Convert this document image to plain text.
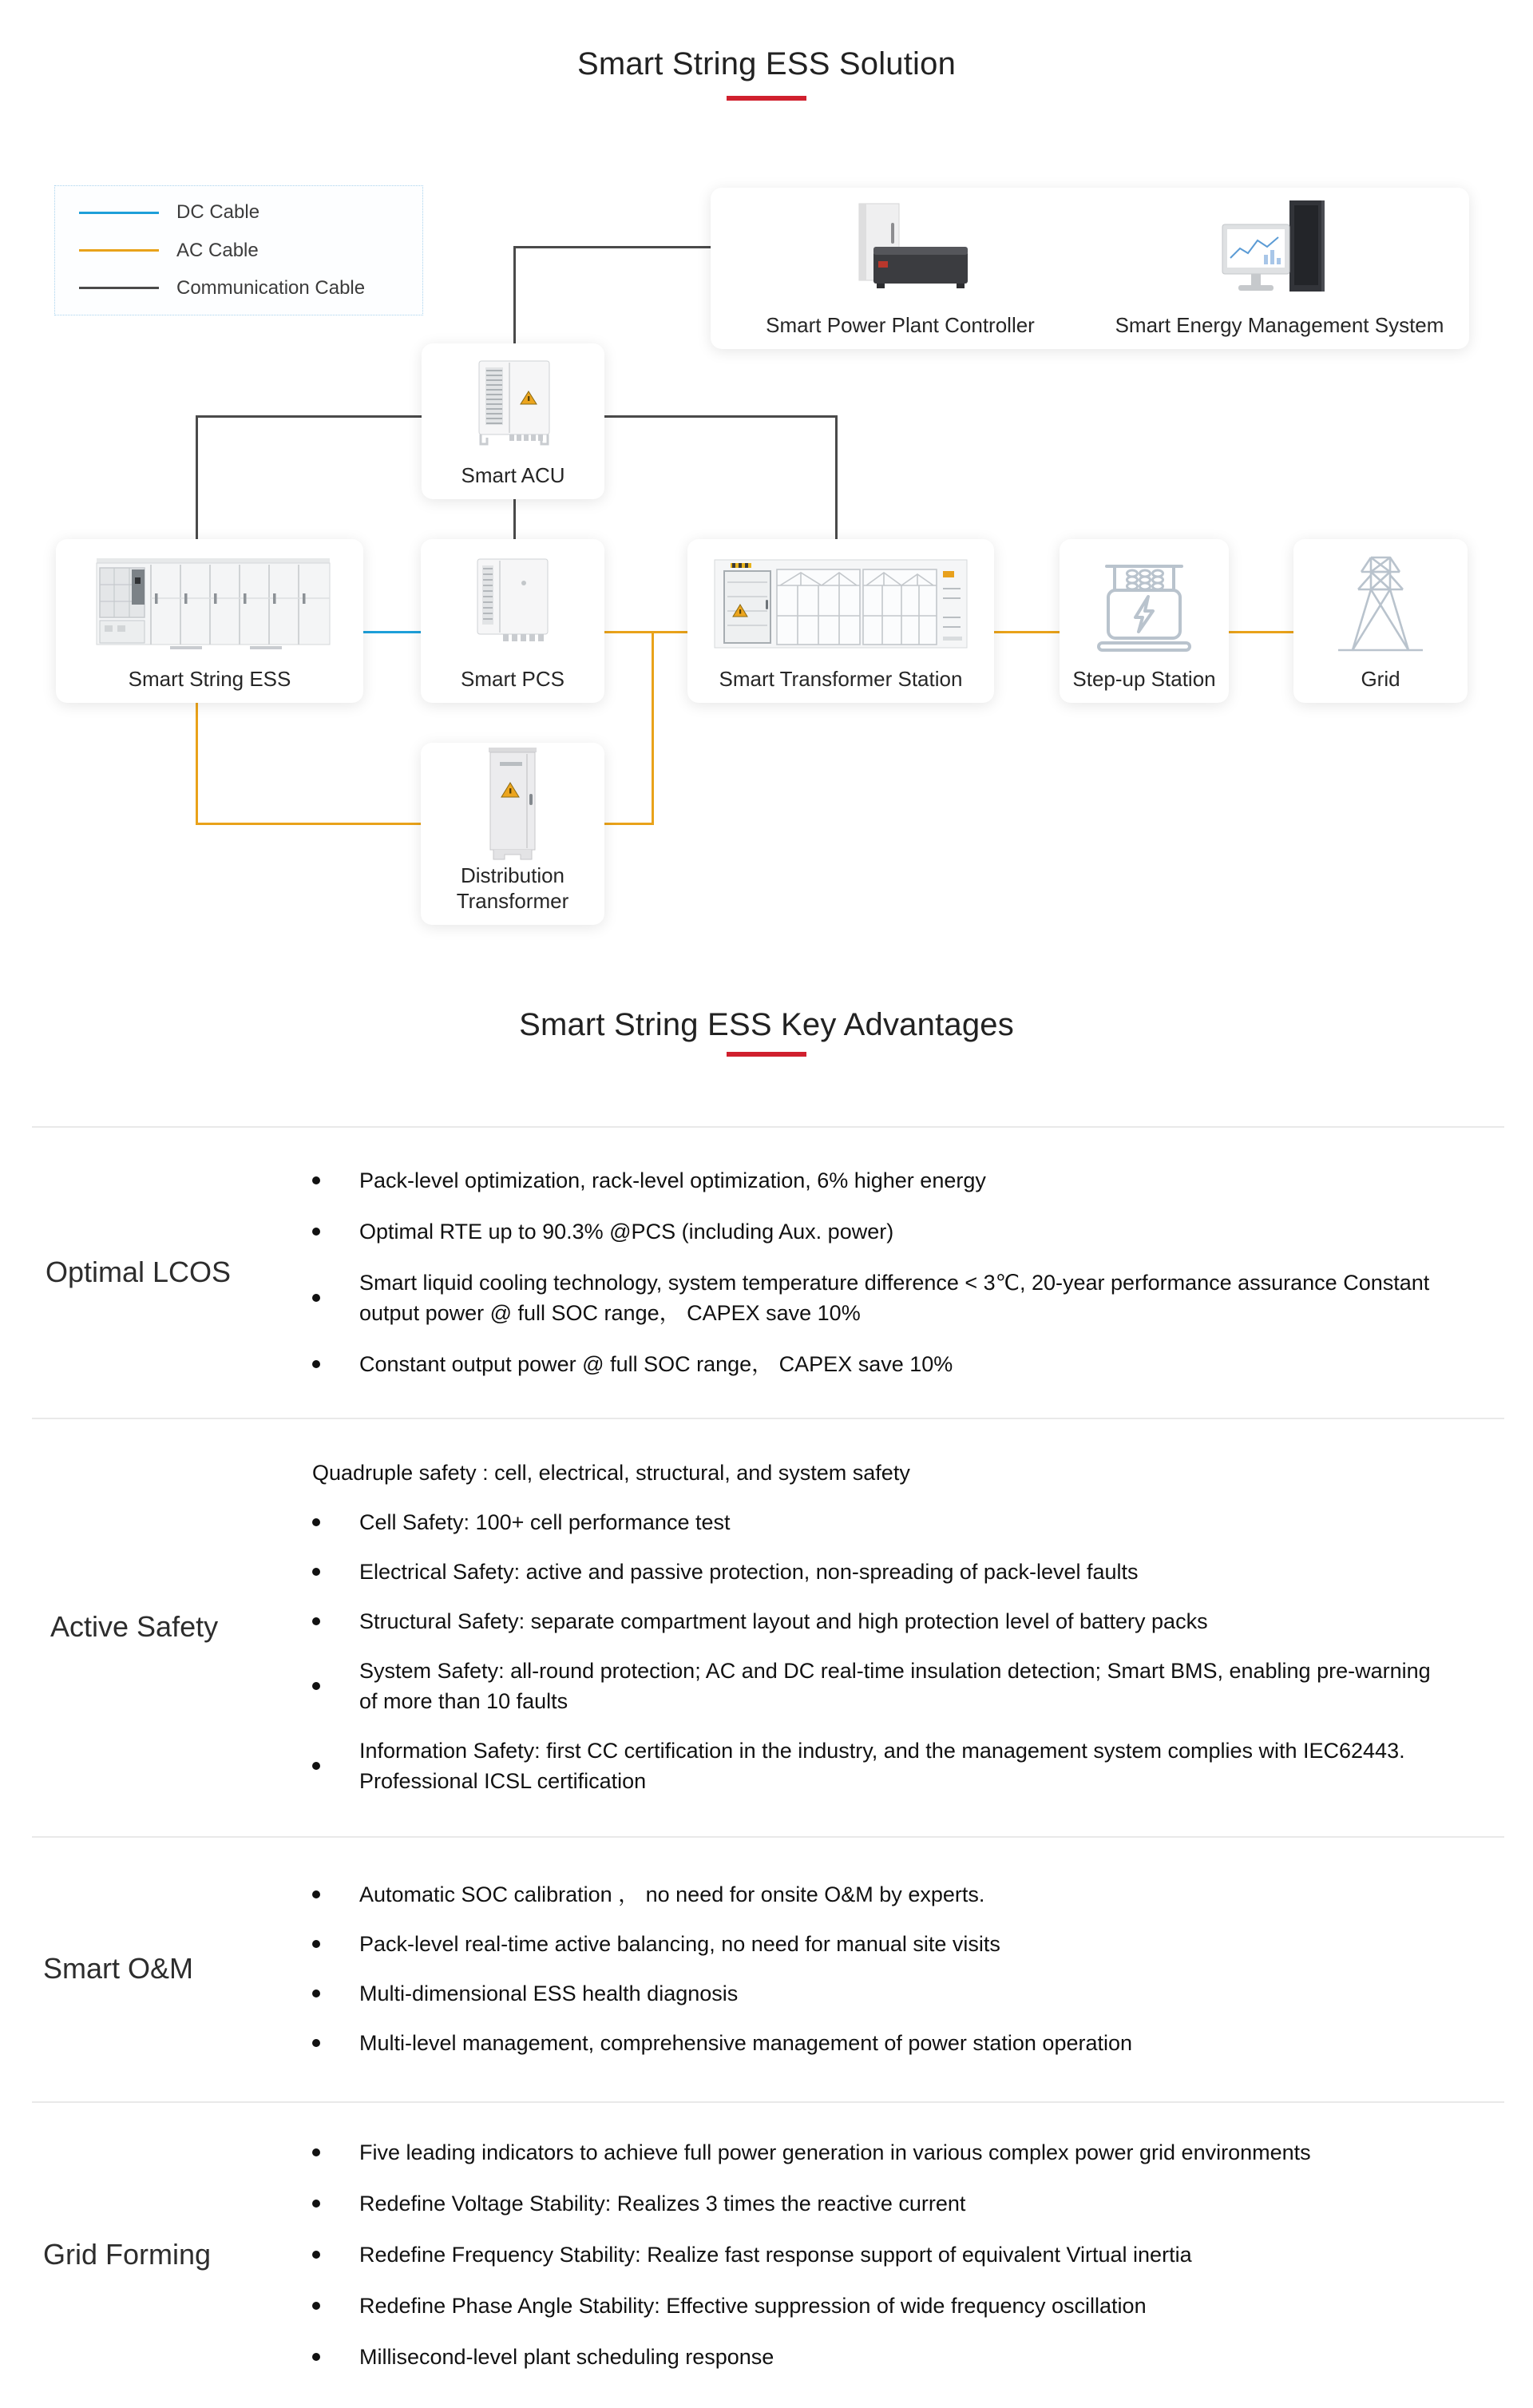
Smart String ESS Solution
DC Cable
AC Cable
Communication Cable
Smart Power Plant Controller	Smart Energy Management System
Smart ACU
Smart String ESS	Smart PCS	Smart Transformer Station	Step-up Station	Grid
Distribution Transformer
Smart String ESS Key Advantages
Optimal LCOS
Pack-level optimization, rack-level optimization, 6% higher energy
Optimal RTE up to 90.3% @PCS (including Aux. power)
Smart liquid cooling technology, system temperature difference < 3℃, 20-year performance assurance Constant output power @ full SOC range， CAPEX save 10%
Constant output power @ full SOC range， CAPEX save 10%
Active Safety
Quadruple safety : cell, electrical, structural, and system safety
Cell Safety: 100+ cell performance test
Electrical Safety: active and passive protection, non-spreading of pack-level faults
Structural Safety: separate compartment layout and high protection level of battery packs
System Safety: all-round protection; AC and DC real-time insulation detection; Smart BMS, enabling pre-warning of more than 10 faults
Information Safety: first CC certification in the industry, and the management system complies with IEC62443. Professional ICSL certification
Smart O&M
Automatic SOC calibration ， no need for onsite O&M by experts.
Pack-level real-time active balancing, no need for manual site visits
Multi-dimensional ESS health diagnosis
Multi-level management, comprehensive management of power station operation
Grid Forming
Five leading indicators to achieve full power generation in various complex power grid environments
Redefine Voltage Stability: Realizes 3 times the reactive current
Redefine Frequency Stability: Realize fast response support of equivalent Virtual inertia
Redefine Phase Angle Stability: Effective suppression of wide frequency oscillation
Millisecond-level plant scheduling response
